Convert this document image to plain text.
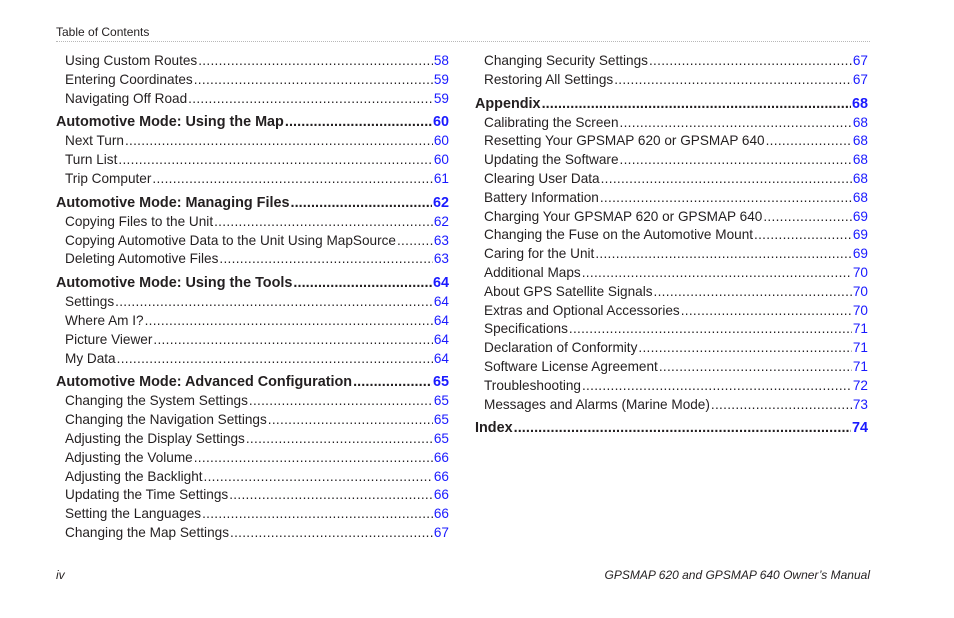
Table of Contents
Using Custom Routes .....	58
Entering Coordinates .....	59
Navigating Off Road .....	59
Automotive Mode: Using the Map .....	60
Next Turn .....	60
Turn List .....	60
Trip Computer .....	61
Automotive Mode: Managing Files .....	62
Copying Files to the Unit .....	62
Copying Automotive Data to the Unit Using MapSource .....	63
Deleting Automotive Files .....	63
Automotive Mode: Using the Tools .....	64
Settings .....	64
Where Am I? .....	64
Picture Viewer .....	64
My Data .....	64
Automotive Mode: Advanced Configuration .....	65
Changing the System Settings .....	65
Changing the Navigation Settings .....	65
Adjusting the Display Settings .....	65
Adjusting the Volume .....	66
Adjusting the Backlight .....	66
Updating the Time Settings .....	66
Setting the Languages .....	66
Changing the Map Settings .....	67
Changing Security Settings .....	67
Restoring All Settings .....	67
Appendix .....	68
Calibrating the Screen .....	68
Resetting Your GPSMAP 620 or GPSMAP 640 .....	68
Updating the Software .....	68
Clearing User Data .....	68
Battery Information .....	68
Charging Your GPSMAP 620 or GPSMAP 640 .....	69
Changing the Fuse on the Automotive Mount .....	69
Caring for the Unit .....	69
Additional Maps .....	70
About GPS Satellite Signals .....	70
Extras and Optional Accessories .....	70
Specifications .....	71
Declaration of Conformity .....	71
Software License Agreement .....	71
Troubleshooting .....	72
Messages and Alarms (Marine Mode) .....	73
Index .....	74
iv	GPSMAP 620 and GPSMAP 640 Owner’s Manual
